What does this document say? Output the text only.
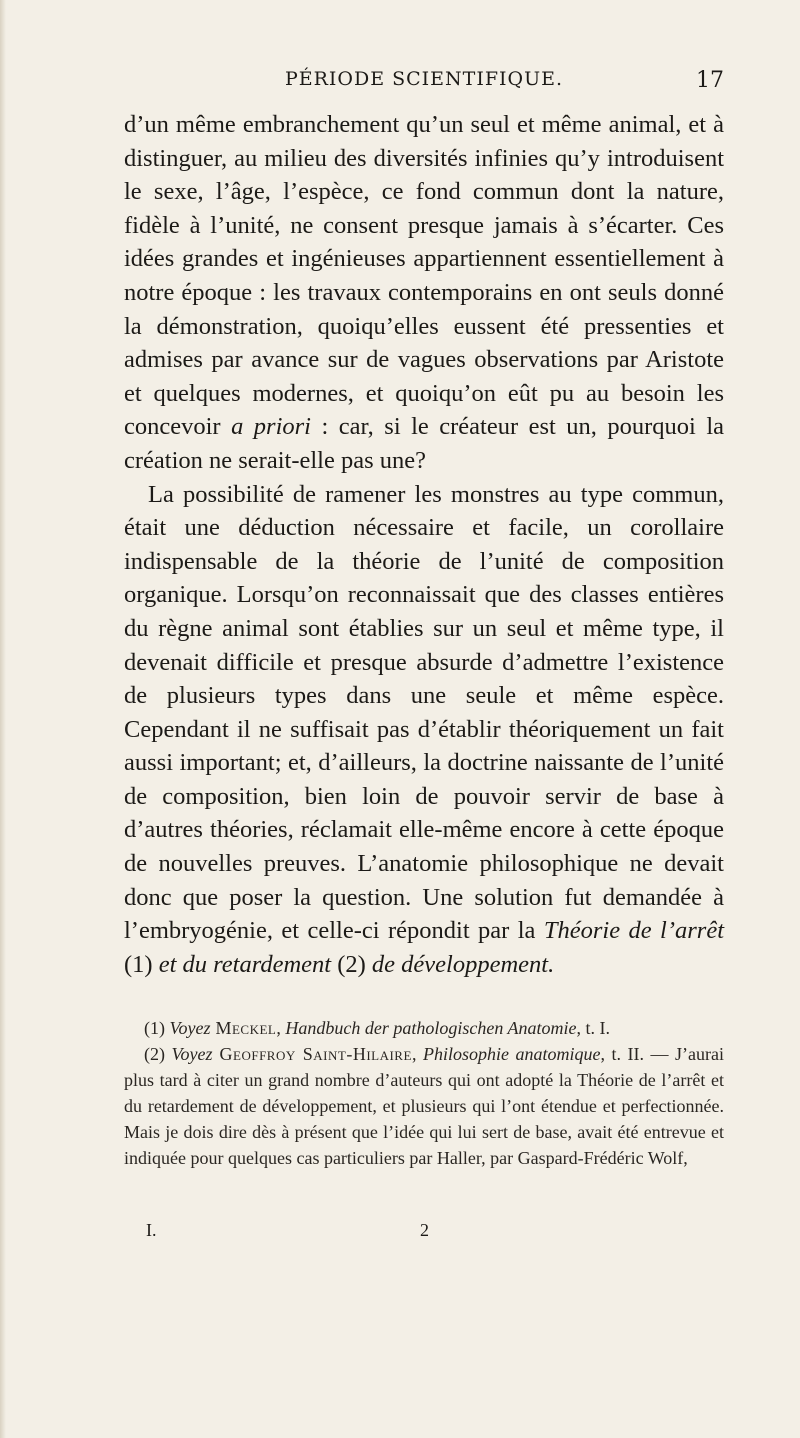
PÉRIODE SCIENTIFIQUE.	17

d’un même embranchement qu’un seul et même animal, et à distinguer, au milieu des diversités infinies qu’y introduisent le sexe, l’âge, l’espèce, ce fond commun dont la nature, fidèle à l’unité, ne consent presque jamais à s’écarter. Ces idées grandes et ingénieuses appartiennent essentiellement à notre époque : les travaux contemporains en ont seuls donné la démonstration, quoiqu’elles eussent été pressenties et admises par avance sur de vagues observations par Aristote et quelques modernes, et quoiqu’on eût pu au besoin les concevoir a priori : car, si le créateur est un, pourquoi la création ne serait-elle pas une?

La possibilité de ramener les monstres au type commun, était une déduction nécessaire et facile, un corollaire indispensable de la théorie de l’unité de composition organique. Lorsqu’on reconnaissait que des classes entières du règne animal sont établies sur un seul et même type, il devenait difficile et presque absurde d’admettre l’existence de plusieurs types dans une seule et même espèce. Cependant il ne suffisait pas d’établir théoriquement un fait aussi important; et, d’ailleurs, la doctrine naissante de l’unité de composition, bien loin de pouvoir servir de base à d’autres théories, réclamait elle-même encore à cette époque de nouvelles preuves. L’anatomie philosophique ne devait donc que poser la question. Une solution fut demandée à l’embryogénie, et celle-ci répondit par la Théorie de l’arrêt (1) et du retardement (2) de développement.

(1) Voyez Meckel, Handbuch der pathologischen Anatomie, t. I.

(2) Voyez Geoffroy Saint-Hilaire, Philosophie anatomique, t. II. — J’aurai plus tard à citer un grand nombre d’auteurs qui ont adopté la Théorie de l’arrêt et du retardement de développement, et plusieurs qui l’ont étendue et perfectionnée. Mais je dois dire dès à présent que l’idée qui lui sert de base, avait été entrevue et indiquée pour quelques cas particuliers par Haller, par Gaspard-Frédéric Wolf,

I.	2
